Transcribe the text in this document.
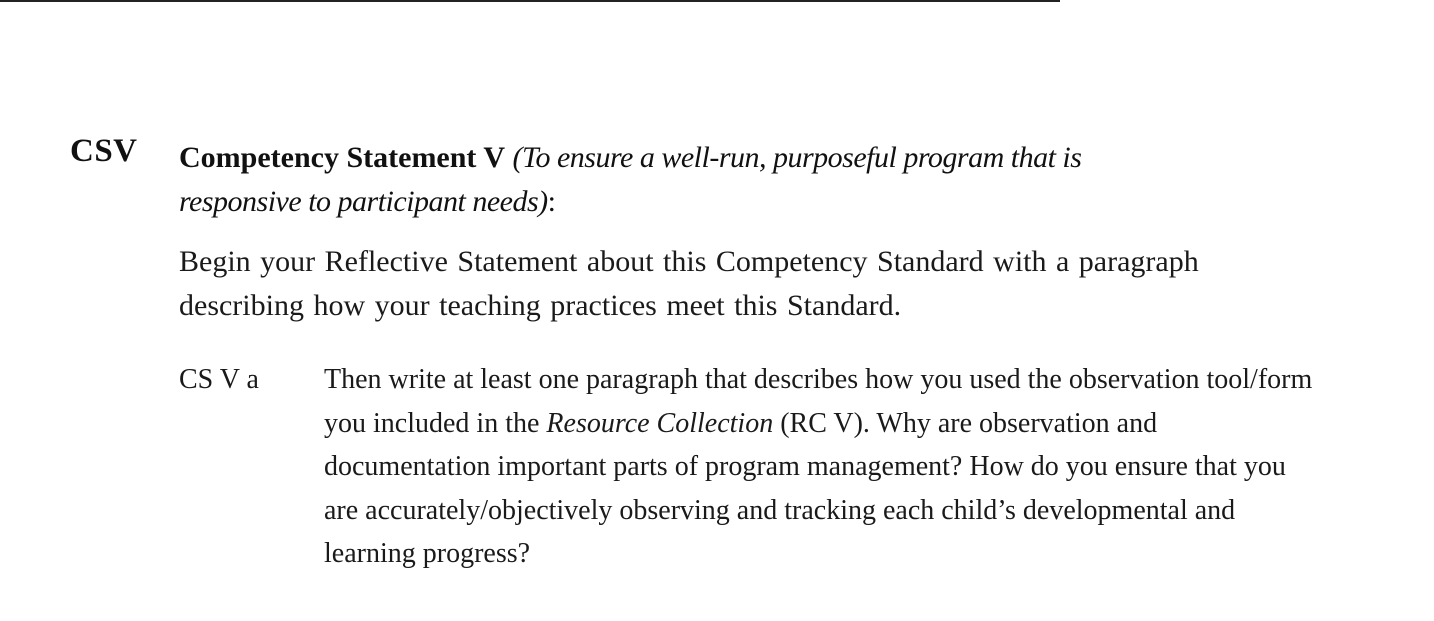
CSV Competency Statement V (To ensure a well-run, purposeful program that is responsive to participant needs):
Begin your Reflective Statement about this Competency Standard with a paragraph describing how your teaching practices meet this Standard.
CS V a Then write at least one paragraph that describes how you used the observation tool/form you included in the Resource Collection (RC V). Why are observation and documentation important parts of program management? How do you ensure that you are accurately/objectively observing and tracking each child’s developmental and learning progress?
